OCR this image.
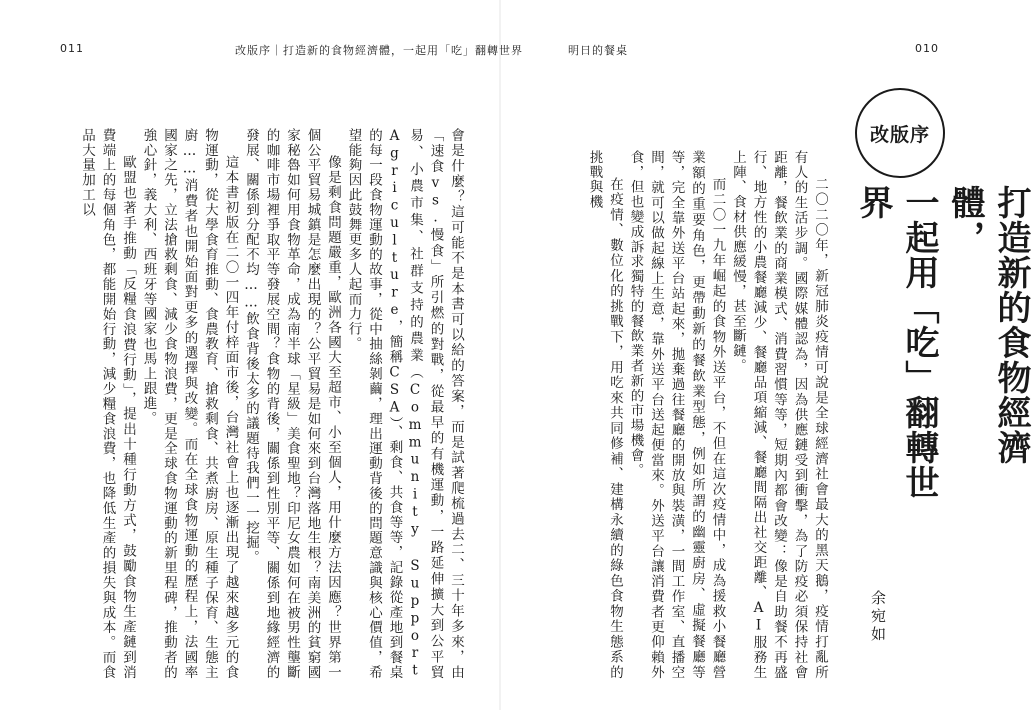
011	改版序｜打造新的食物經濟體，一起用「吃」翻轉世界	明日的餐桌	010
改版序
打造新的食物經濟體，
一起用「吃」翻轉世界
余宛如

二〇二〇年，新冠肺炎疫情可說是全球經濟社會最大的黑天鵝，疫情打亂所有人的生活步調。國際媒體認為，因為供應鏈受到衝擊，為了防疫必須保持社會距離，餐飲業的商業模式、消費習慣等等，短期內都會改變：像是自助餐不再盛行、地方性的小農餐廳減少、餐廳品項縮減、餐廳間隔出社交距離、AI服務生上陣、食材供應緩慢，甚至斷鏈。

而二〇一九年崛起的食物外送平台，不但在這次疫情中，成為援救小餐廳營業額的重要角色，更帶動新的餐飲業型態，例如所謂的幽靈廚房、虛擬餐廳等等，完全靠外送平台站起來，拋棄過往餐廳的開放與裝潢，一間工作室、直播空間，就可以做起線上生意，靠外送平台送起便當來。外送平台讓消費者更仰賴外食，但也變成訴求獨特的餐飲業者新的市場機會。

在疫情、數位化的挑戰下，用吃來共同修補、建構永續的綠色食物生態系的挑戰與機

會是什麼？這可能不是本書可以給的答案，而是試著爬梳過去二、三十年多來，由「速食vs.慢食」所引燃的對戰，從最早的有機運動，一路延伸擴大到公平貿易、小農市集、社群支持的農業（Community Support Agriculture，簡稱CSA）、剩食、共食等等，記錄從產地到餐桌的每一段食物運動的故事，從中抽絲剝繭，理出運動背後的問題意識與核心價值，希望能夠因此鼓舞更多人起而力行。

像是剩食問題嚴重，歐洲各國大至超市、小至個人，用什麼方法因應？世界第一個公平貿易城鎮是怎麼出現的？公平貿易是如何來到台灣落地生根？南美洲的貧窮國家秘魯如何用食物革命，成為南半球「星級」美食聖地？印尼女農如何在被男性壟斷的咖啡市場裡爭取平等發展空間？食物的背後，關係到性別平等、關係到地緣經濟的發展、關係到分配不均……飲食背後太多的議題待我們一一挖掘。

這本書初版在二〇一四年付梓面市後，台灣社會上也逐漸出現了越來越多元的食物運動，從大學食育推動、食農教育、搶救剩食、共煮廚房、原生種子保育、生態主廚……消費者也開始面對更多的選擇與改變。而在全球食物運動的歷程上，法國率國家之先，立法搶救剩食、減少食物浪費，更是全球食物運動的新里程碑，推動者的強心針，義大利、西班牙等國家也馬上跟進。

歐盟也著手推動「反糧食浪費行動」，提出十種行動方式，鼓勵食物生產鏈到消費端上的每個角色，都能開始行動，減少糧食浪費，也降低生產的損失與成本。而食品大量加工以
